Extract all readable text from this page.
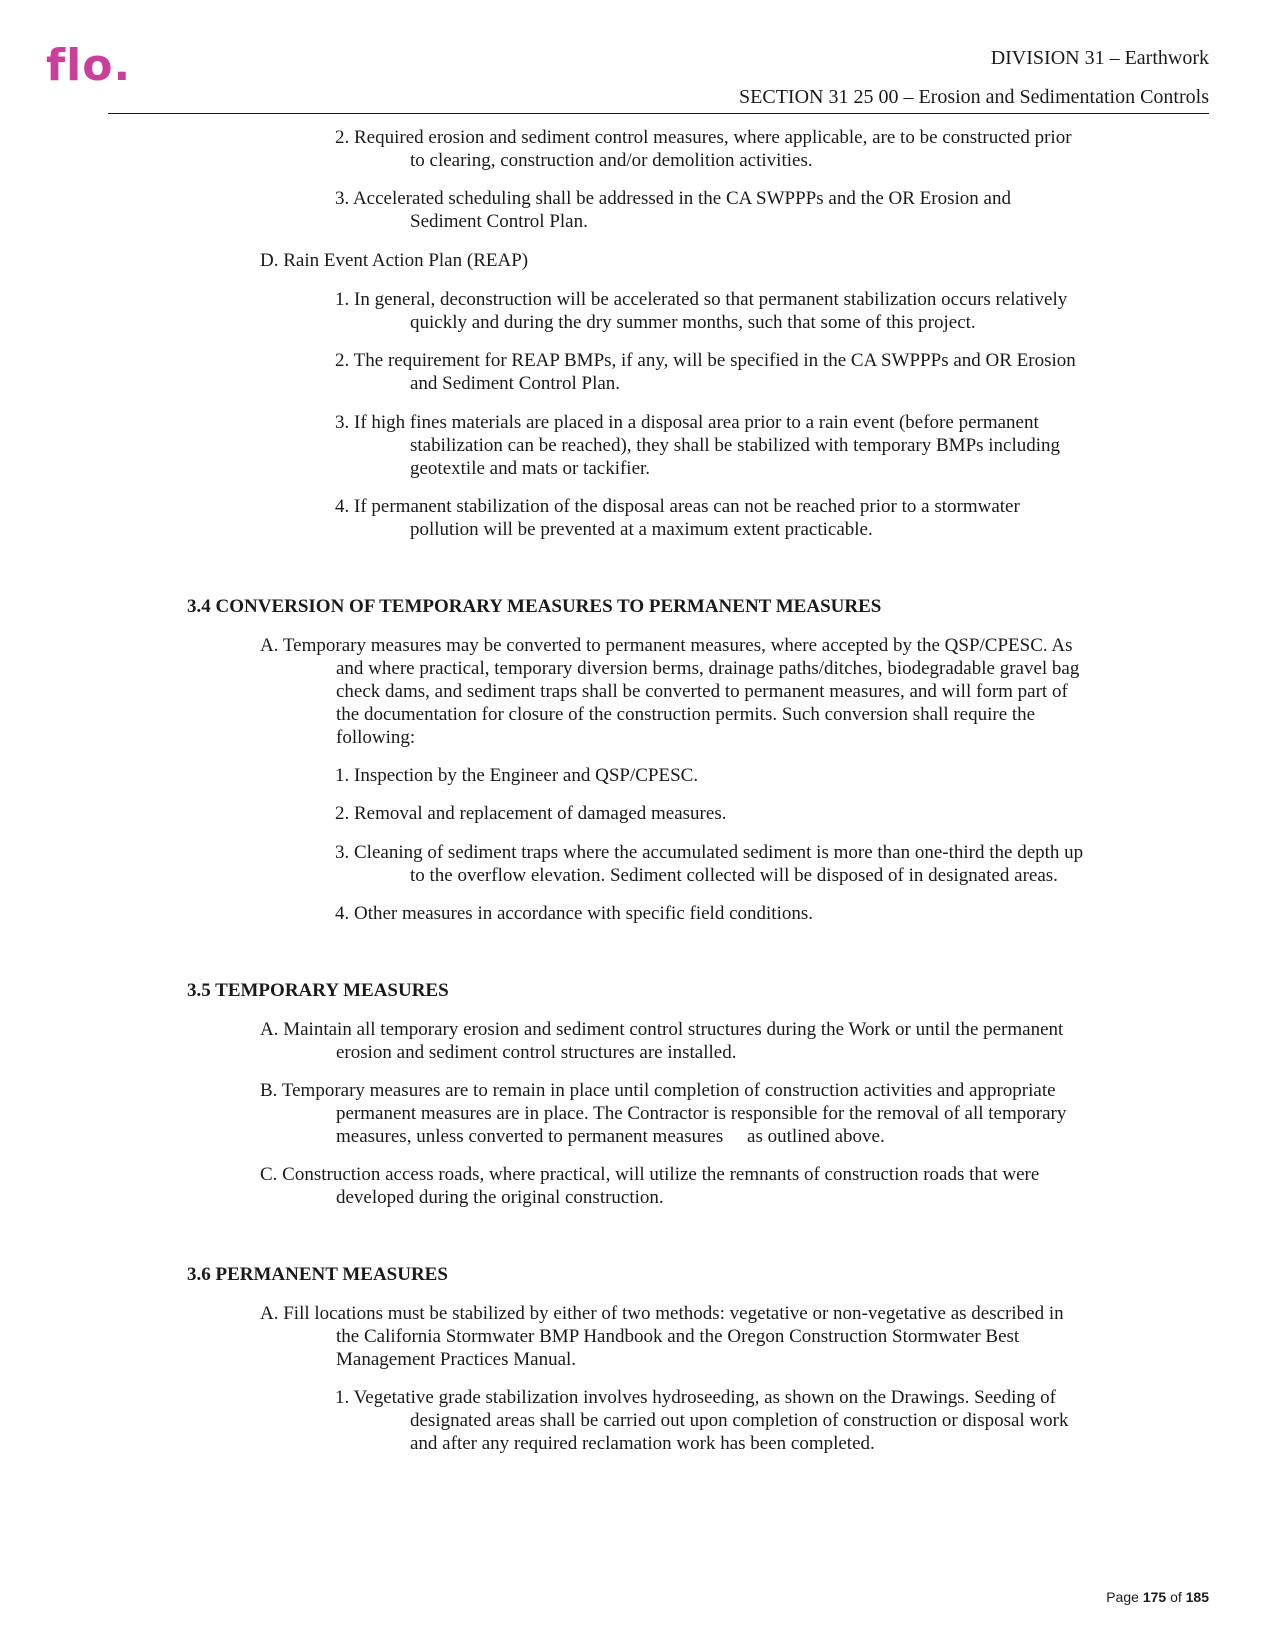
flo.	DIVISION 31 – Earthwork
SECTION 31 25 00 – Erosion and Sedimentation Controls
2. Required erosion and sediment control measures, where applicable, are to be constructed prior
to clearing, construction and/or demolition activities.
3. Accelerated scheduling shall be addressed in the CA SWPPPs and the OR Erosion and
Sediment Control Plan.
D. Rain Event Action Plan (REAP)
1. In general, deconstruction will be accelerated so that permanent stabilization occurs relatively
quickly and during the dry summer months, such that some of this project.
2. The requirement for REAP BMPs, if any, will be specified in the CA SWPPPs and OR Erosion
and Sediment Control Plan.
3. If high fines materials are placed in a disposal area prior to a rain event (before permanent
stabilization can be reached), they shall be stabilized with temporary BMPs including
geotextile and mats or tackifier.
4. If permanent stabilization of the disposal areas can not be reached prior to a stormwater
pollution will be prevented at a maximum extent practicable.
3.4 CONVERSION OF TEMPORARY MEASURES TO PERMANENT MEASURES
A. Temporary measures may be converted to permanent measures, where accepted by the QSP/CPESC. As
and where practical, temporary diversion berms, drainage paths/ditches, biodegradable gravel bag
check dams, and sediment traps shall be converted to permanent measures, and will form part of
the documentation for closure of the construction permits. Such conversion shall require the
following:
1. Inspection by the Engineer and QSP/CPESC.
2. Removal and replacement of damaged measures.
3. Cleaning of sediment traps where the accumulated sediment is more than one-third the depth up
to the overflow elevation. Sediment collected will be disposed of in designated areas.
4. Other measures in accordance with specific field conditions.
3.5 TEMPORARY MEASURES
A. Maintain all temporary erosion and sediment control structures during the Work or until the permanent
erosion and sediment control structures are installed.
B. Temporary measures are to remain in place until completion of construction activities and appropriate
permanent measures are in place. The Contractor is responsible for the removal of all temporary
measures, unless converted to permanent measures     as outlined above.
C. Construction access roads, where practical, will utilize the remnants of construction roads that were
developed during the original construction.
3.6 PERMANENT MEASURES
A. Fill locations must be stabilized by either of two methods: vegetative or non-vegetative as described in
the California Stormwater BMP Handbook and the Oregon Construction Stormwater Best
Management Practices Manual.
1. Vegetative grade stabilization involves hydroseeding, as shown on the Drawings. Seeding of
designated areas shall be carried out upon completion of construction or disposal work
and after any required reclamation work has been completed.
Page 175 of 185
